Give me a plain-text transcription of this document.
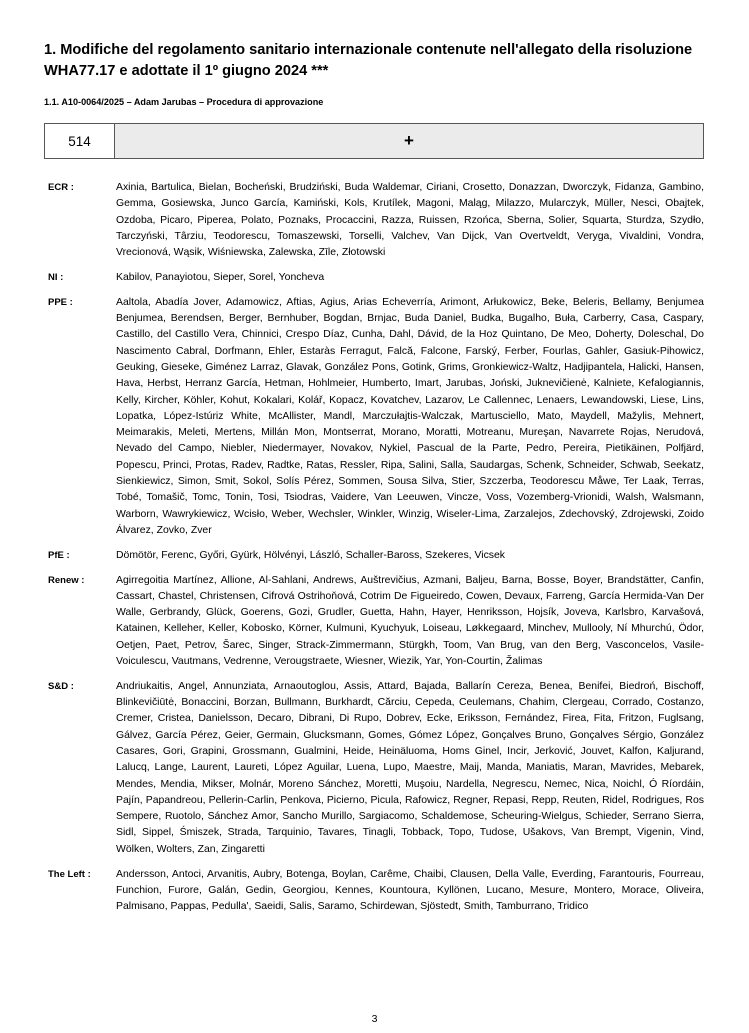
1. Modifiche del regolamento sanitario internazionale contenute nell'allegato della risoluzione WHA77.17 e adottate il 1º giugno 2024 ***

1.1. A10-0064/2025 – Adam Jarubas – Procedura di approvazione

514	+
ECR :	Axinia, Bartulica, Bielan, Bocheński, Brudziński, Buda Waldemar, Ciriani, Crosetto, Donazzan, Dworczyk, Fidanza, Gambino, Gemma, Gosiewska, Junco García, Kamiński, Kols, Krutílek, Magoni, Maląg, Milazzo, Mularczyk, Müller, Nesci, Obajtek, Ozdoba, Picaro, Piperea, Polato, Poznaks, Procaccini, Razza, Ruissen, Rzońca, Sberna, Solier, Squarta, Sturdza, Szydło, Tarczyński, Târziu, Teodorescu, Tomaszewski, Torselli, Valchev, Van Dijck, Van Overtveldt, Veryga, Vivaldini, Vondra, Vrecionová, Wąsik, Wiśniewska, Zalewska, Zīle, Złotowski
NI :	Kabilov, Panayiotou, Sieper, Sorel, Yoncheva
PPE :	Aaltola, Abadía Jover, Adamowicz, Aftias, Agius, Arias Echeverría, Arimont, Arłukowicz, Beke, Beleris, Bellamy, Benjumea Benjumea, Berendsen, Berger, Bernhuber, Bogdan, Brnjac, Buda Daniel, Budka, Bugalho, Buła, Carberry, Casa, Caspary, Castillo, del Castillo Vera, Chinnici, Crespo Díaz, Cunha, Dahl, Dávid, de la Hoz Quintano, De Meo, Doherty, Doleschal, Do Nascimento Cabral, Dorfmann, Ehler, Estaràs Ferragut, Falcă, Falcone, Farský, Ferber, Fourlas, Gahler, Gasiuk-Pihowicz, Geuking, Gieseke, Giménez Larraz, Glavak, González Pons, Gotink, Grims, Gronkiewicz-Waltz, Hadjipantela, Halicki, Hansen, Hava, Herbst, Herranz García, Hetman, Hohlmeier, Humberto, Imart, Jarubas, Joński, Juknevičienė, Kalniete, Kefalogiannis, Kelly, Kircher, Köhler, Kohut, Kokalari, Kolář, Kopacz, Kovatchev, Lazarov, Le Callennec, Lenaers, Lewandowski, Liese, Lins, Lopatka, López-Istúriz White, McAllister, Mandl, Marczułajtis-Walczak, Martusciello, Mato, Maydell, Mažylis, Mehnert, Meimarakis, Meleti, Mertens, Millán Mon, Montserrat, Morano, Moratti, Motreanu, Mureşan, Navarrete Rojas, Nerudová, Nevado del Campo, Niebler, Niedermayer, Novakov, Nykiel, Pascual de la Parte, Pedro, Pereira, Pietikäinen, Polfjärd, Popescu, Princi, Protas, Radev, Radtke, Ratas, Ressler, Ripa, Salini, Salla, Saudargas, Schenk, Schneider, Schwab, Seekatz, Sienkiewicz, Simon, Smit, Sokol, Solís Pérez, Sommen, Sousa Silva, Stier, Szczerba, Teodorescu Måwe, Ter Laak, Terras, Tobé, Tomašič, Tomc, Tonin, Tosi, Tsiodras, Vaidere, Van Leeuwen, Vincze, Voss, Vozemberg-Vrionidi, Walsh, Walsmann, Warborn, Wawrykiewicz, Wcisło, Weber, Wechsler, Winkler, Winzig, Wiseler-Lima, Zarzalejos, Zdechovský, Zdrojewski, Zoido Álvarez, Zovko, Zver
PfE :	Dömötör, Ferenc, Győri, Gyürk, Hölvényi, László, Schaller-Baross, Szekeres, Vicsek
Renew :	Agirregoitia Martínez, Allione, Al-Sahlani, Andrews, Auštrevičius, Azmani, Baljeu, Barna, Bosse, Boyer, Brandstätter, Canfin, Cassart, Chastel, Christensen, Cifrová Ostrihoňová, Cotrim De Figueiredo, Cowen, Devaux, Farreng, García Hermida-Van Der Walle, Gerbrandy, Glück, Goerens, Gozi, Grudler, Guetta, Hahn, Hayer, Henriksson, Hojsík, Joveva, Karlsbro, Karvašová, Katainen, Kelleher, Keller, Kobosko, Körner, Kulmuni, Kyuchyuk, Loiseau, Løkkegaard, Minchev, Mullooly, Ní Mhurchú, Ödor, Oetjen, Paet, Petrov, Šarec, Singer, Strack-Zimmermann, Stürgkh, Toom, Van Brug, van den Berg, Vasconcelos, Vasile-Voiculescu, Vautmans, Vedrenne, Verougstraete, Wiesner, Wiezik, Yar, Yon-Courtin, Žalimas
S&D :	Andriukaitis, Angel, Annunziata, Arnaoutoglou, Assis, Attard, Bajada, Ballarín Cereza, Benea, Benifei, Biedroń, Bischoff, Blinkevičiūtė, Bonaccini, Borzan, Bullmann, Burkhardt, Cărciu, Cepeda, Ceulemans, Chahim, Clergeau, Corrado, Costanzo, Cremer, Cristea, Danielsson, Decaro, Dibrani, Di Rupo, Dobrev, Ecke, Eriksson, Fernández, Firea, Fita, Fritzon, Fuglsang, Gálvez, García Pérez, Geier, Germain, Glucksmann, Gomes, Gómez López, Gonçalves Bruno, Gonçalves Sérgio, González Casares, Gori, Grapini, Grossmann, Gualmini, Heide, Heinäluoma, Homs Ginel, Incir, Jerković, Jouvet, Kalfon, Kaljurand, Lalucq, Lange, Laurent, Laureti, López Aguilar, Luena, Lupo, Maestre, Maij, Manda, Maniatis, Maran, Mavrides, Mebarek, Mendes, Mendia, Mikser, Molnár, Moreno Sánchez, Moretti, Muşoiu, Nardella, Negrescu, Nemec, Nica, Noichl, Ó Ríordáin, Pajín, Papandreou, Pellerin-Carlin, Penkova, Picierno, Picula, Rafowicz, Regner, Repasi, Repp, Reuten, Ridel, Rodrigues, Ros Sempere, Ruotolo, Sánchez Amor, Sancho Murillo, Sargiacomo, Schaldemose, Scheuring-Wielgus, Schieder, Serrano Sierra, Sidl, Sippel, Śmiszek, Strada, Tarquinio, Tavares, Tinagli, Tobback, Topo, Tudose, Ušakovs, Van Brempt, Vigenin, Vind, Wölken, Wolters, Zan, Zingaretti
The Left :	Andersson, Antoci, Arvanitis, Aubry, Botenga, Boylan, Carême, Chaibi, Clausen, Della Valle, Everding, Farantouris, Fourreau, Funchion, Furore, Galán, Gedin, Georgiou, Kennes, Kountoura, Kyllönen, Lucano, Mesure, Montero, Morace, Oliveira, Palmisano, Pappas, Pedulla', Saeidi, Salis, Saramo, Schirdewan, Sjöstedt, Smith, Tamburrano, Tridico
3
